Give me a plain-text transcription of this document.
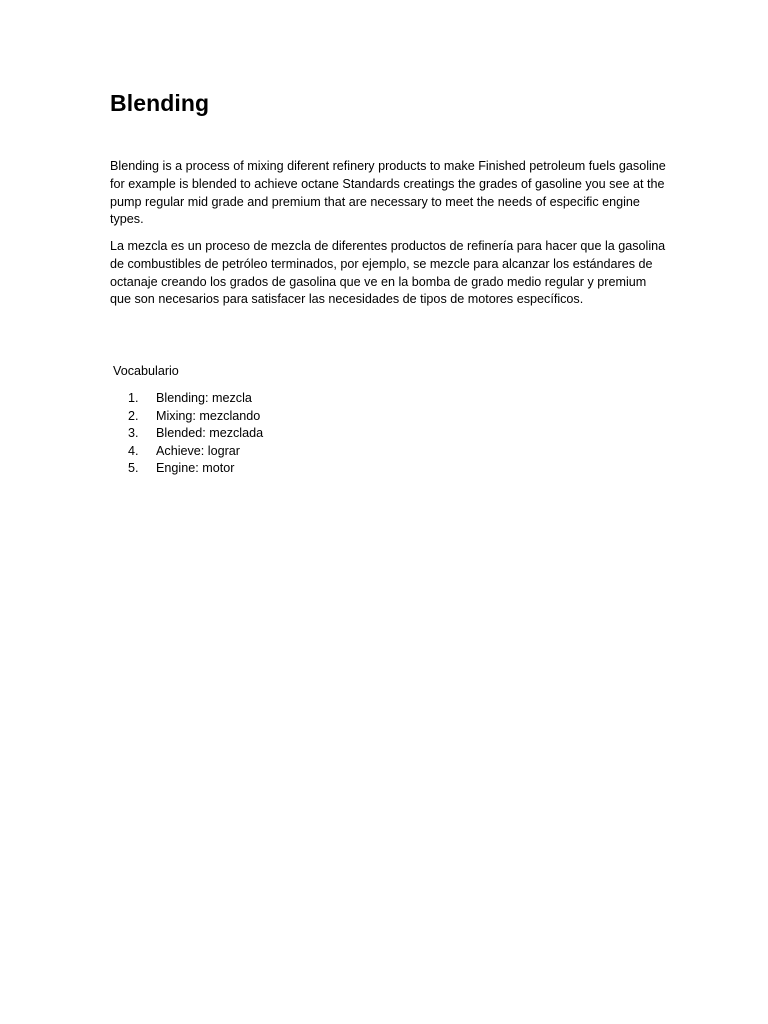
Blending

Blending is a process of mixing diferent refinery products to make Finished petroleum fuels gasoline for example is blended to achieve octane Standards creatings the grades of gasoline you see at the pump regular mid grade and premium that are necessary to meet the needs of especific engine types.

La mezcla es un proceso de mezcla de diferentes productos de refinería para hacer que la gasolina de combustibles de petróleo terminados, por ejemplo, se mezcle para alcanzar los estándares de octanaje creando los grados de gasolina que ve en la bomba de grado medio regular y premium que son necesarios para satisfacer las necesidades de tipos de motores específicos.

Vocabulario

1.	Blending: mezcla
2.	Mixing: mezclando
3.	Blended: mezclada
4.	Achieve: lograr
5.	Engine: motor
